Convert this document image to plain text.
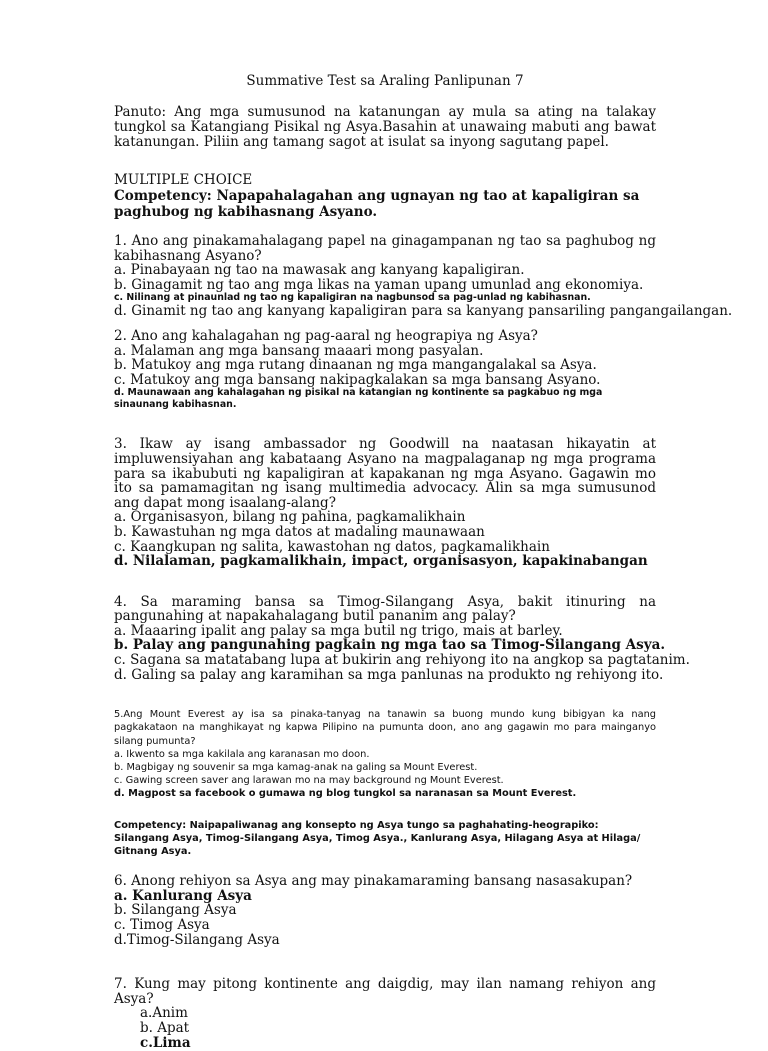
Summative Test sa Araling Panlipunan 7
Panuto: Ang mga sumusunod na katanungan ay mula sa ating na talakay tungkol sa Katangiang Pisikal ng Asya.Basahin at unawaing mabuti ang bawat katanungan. Piliin ang tamang sagot at isulat sa inyong sagutang papel.
MULTIPLE CHOICE
Competency: Napapahalagahan ang ugnayan ng tao at kapaligiran sa paghubog ng kabihasnang Asyano.
1. Ano ang pinakamahalagang papel na ginagampanan ng tao sa paghubog ng kabihasnang Asyano?
a. Pinabayaan ng tao na mawasak ang kanyang kapaligiran.
b. Ginagamit ng tao ang mga likas na yaman upang umunlad ang ekonomiya.
c. Nilinang at pinaunlad ng tao ng kapaligiran na nagbunsod sa pag-unlad ng kabihasnan.
d. Ginamit ng tao ang kanyang kapaligiran para sa kanyang pansariling pangangailangan.
2. Ano ang kahalagahan ng pag-aaral ng heograpiya ng Asya?
a. Malaman ang mga bansang maaari mong pasyalan.
b. Matukoy ang mga rutang dinaanan ng mga mangangalakal sa Asya.
c. Matukoy ang mga bansang nakipagkalakan sa mga bansang Asyano.
d. Maunawaan ang kahalagahan ng pisikal na katangian ng kontinente sa pagkabuo ng mga sinaunang kabihasnan.
3. Ikaw ay isang ambassador ng Goodwill na naatasan hikayatin at impluwensiyahan ang kabataang Asyano na magpalaganap ng mga programa para sa ikabubuti ng kapaligiran at kapakanan ng mga Asyano. Gagawin mo ito sa pamamagitan ng isang multimedia advocacy. Alin sa mga sumusunod ang dapat mong isaalang-alang?
a. Organisasyon, bilang ng pahina, pagkamalikhain
b. Kawastuhan ng mga datos at madaling maunawaan
c. Kaangkupan ng salita, kawastohan ng datos, pagkamalikhain
d. Nilalaman, pagkamalikhain, impact, organisasyon, kapakinabangan
4. Sa maraming bansa sa Timog-Silangang Asya, bakit itinuring na pangunahing at napakahalagang butil pananim ang palay?
a. Maaaring ipalit ang palay sa mga butil ng trigo, mais at barley.
b. Palay ang pangunahing pagkain ng mga tao sa Timog-Silangang Asya.
c. Sagana sa matatabang lupa at bukirin ang rehiyong ito na angkop sa pagtatanim.
d. Galing sa palay ang karamihan sa mga panlunas na produkto ng rehiyong ito.
5.Ang Mount Everest ay isa sa pinaka-tanyag na tanawin sa buong mundo kung bibigyan ka nang pagkakataon na manghikayat ng kapwa Pilipino na pumunta doon, ano ang gagawin mo para mainganyo silang pumunta?
a. Ikwento sa mga kakilala ang karanasan mo doon.
b. Magbigay ng souvenir sa mga kamag-anak na galing sa Mount Everest.
c. Gawing screen saver ang larawan mo na may background ng Mount Everest.
d. Magpost sa facebook o gumawa ng blog tungkol sa naranasan sa Mount Everest.
Competency: Naipapaliwanag ang konsepto ng Asya tungo sa paghahating-heograpiko: Silangang Asya, Timog-Silangang Asya, Timog Asya., Kanlurang Asya, Hilagang Asya at Hilaga/ Gitnang Asya.
6. Anong rehiyon sa Asya ang may pinakamaraming bansang nasasakupan?
a. Kanlurang Asya
b. Silangang Asya
c. Timog Asya
d.Timog-Silangang Asya
7. Kung may pitong kontinente ang daigdig, may ilan namang rehiyon ang Asya?
a.Anim
b. Apat
c.Lima
